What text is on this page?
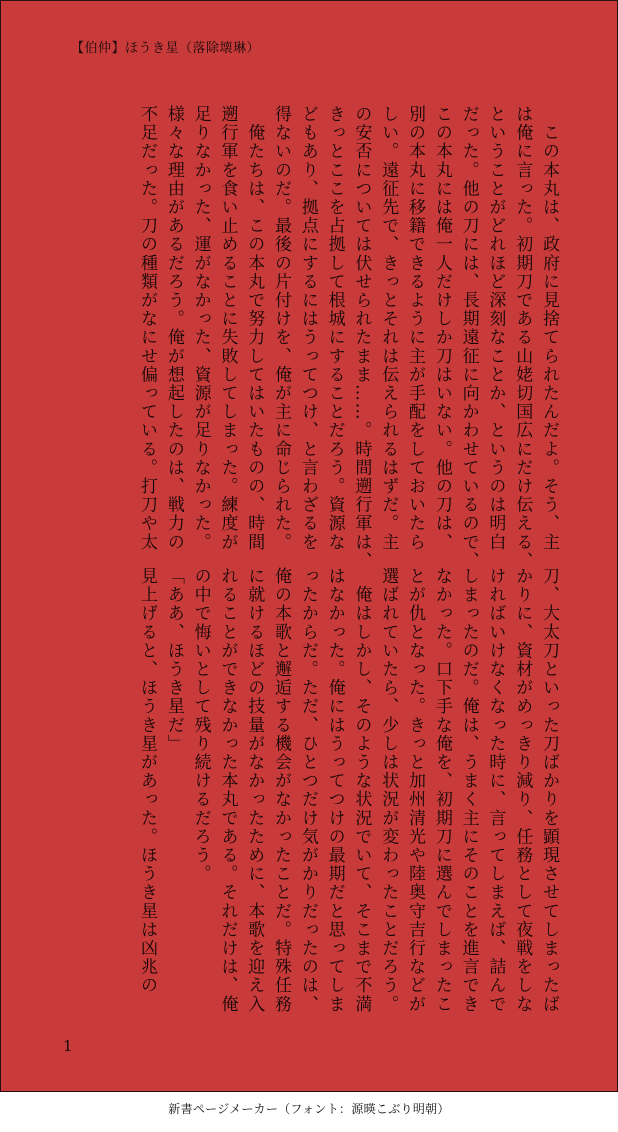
【伯仲】ほうき星（落除壊琳）
　この本丸は、政府に見捨てられたんだよ。そう、主
は俺に言った。初期刀である山姥切国広にだけ伝える、
ということがどれほど深刻なことか、というのは明白
だった。他の刀には、長期遠征に向かわせているので、
この本丸には俺一人だけしか刀はいない。他の刀は、
別の本丸に移籍できるように主が手配をしておいたら
しい。遠征先で、きっとそれは伝えられるはずだ。主
の安否については伏せられたまま……。時間遡行軍は、
きっとここを占拠して根城にすることだろう。資源な
どもあり、拠点にするにはうってつけ、と言わざるを
得ないのだ。最後の片付けを、俺が主に命じられた。
　俺たちは、この本丸で努力してはいたものの、時間
遡行軍を食い止めることに失敗してしまった。練度が
足りなかった、運がなかった、資源が足りなかった。
様々な理由があるだろう。俺が想起したのは、戦力の
不足だった。刀の種類がなにせ偏っている。打刀や太
刀、大太刀といった刀ばかりを顕現させてしまったば
かりに、資材がめっきり減り、任務として夜戦をしな
ければいけなくなった時に、言ってしまえば、詰んで
しまったのだ。俺は、うまく主にそのことを進言でき
なかった。口下手な俺を、初期刀に選んでしまったこ
とが仇となった。きっと加州清光や陸奥守吉行などが
選ばれていたら、少しは状況が変わったことだろう。
　俺はしかし、そのような状況でいて、そこまで不満
はなかった。俺にはうってつけの最期だと思ってしま
ったからだ。ただ、ひとつだけ気がかりだったのは、
俺の本歌と邂逅する機会がなかったことだ。特殊任務
に就けるほどの技量がなかったために、本歌を迎え入
れることができなかった本丸である。それだけは、俺
の中で悔いとして残り続けるだろう。
「ああ、ほうき星だ」
見上げると、ほうき星があった。ほうき星は凶兆の
1
新書ページメーカー（フォント：源暎こぶり明朝）
